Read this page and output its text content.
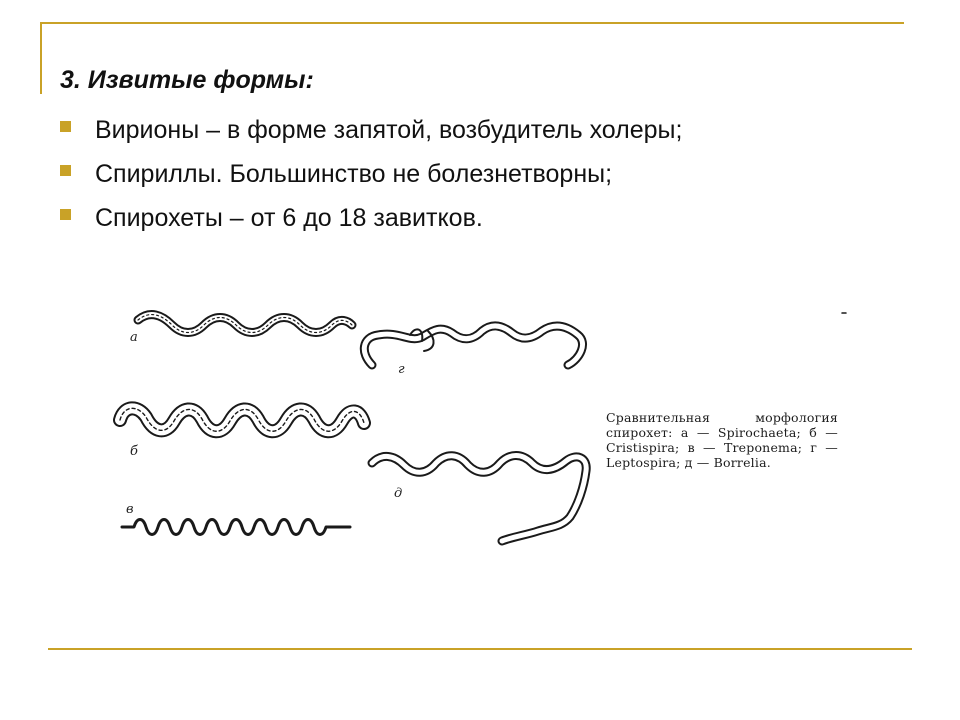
3. Извитые формы:
Вирионы – в форме запятой, возбудитель холеры;
Спириллы. Большинство не болезнетворны;
Спирохеты – от 6 до 18 завитков.
а
г
б
в
д
Сравнительная морфология спирохет: а — Spirochaeta; б — Cristispira; в — Treponema; г — Leptospira; д — Borrelia.
